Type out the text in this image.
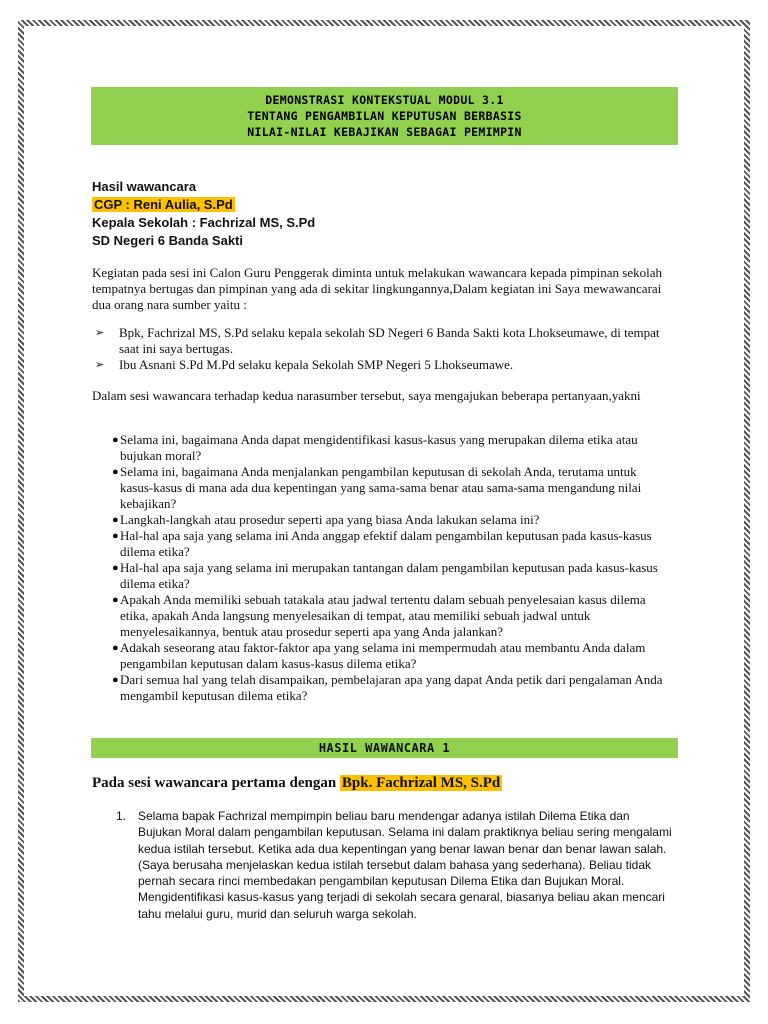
DEMONSTRASI KONTEKSTUAL MODUL 3.1
TENTANG PENGAMBILAN KEPUTUSAN BERBASIS
NILAI-NILAI KEBAJIKAN SEBAGAI PEMIMPIN
Hasil wawancara
CGP : Reni Aulia, S.Pd
Kepala Sekolah : Fachrizal MS, S.Pd
SD Negeri 6 Banda Sakti
Kegiatan pada sesi ini Calon Guru Penggerak diminta untuk melakukan wawancara kepada pimpinan sekolah tempatnya bertugas dan pimpinan yang ada di sekitar lingkungannya,Dalam kegiatan ini Saya mewawancarai dua orang nara sumber yaitu :
➢ Bpk, Fachrizal MS, S.Pd selaku kepala sekolah SD Negeri 6 Banda Sakti kota Lhokseumawe, di tempat saat ini saya bertugas.
➢ Ibu Asnani S.Pd M.Pd selaku kepala Sekolah SMP Negeri 5 Lhokseumawe.
Dalam sesi wawancara terhadap kedua narasumber tersebut, saya mengajukan beberapa pertanyaan,yakni
● Selama ini, bagaimana Anda dapat mengidentifikasi kasus-kasus yang merupakan dilema etika atau bujukan moral?
● Selama ini, bagaimana Anda menjalankan pengambilan keputusan di sekolah Anda, terutama untuk kasus-kasus di mana ada dua kepentingan yang sama-sama benar atau sama-sama mengandung nilai kebajikan?
● Langkah-langkah atau prosedur seperti apa yang biasa Anda lakukan selama ini?
● Hal-hal apa saja yang selama ini Anda anggap efektif dalam pengambilan keputusan pada kasus-kasus dilema etika?
● Hal-hal apa saja yang selama ini merupakan tantangan dalam pengambilan keputusan pada kasus-kasus dilema etika?
● Apakah Anda memiliki sebuah tatakala atau jadwal tertentu dalam sebuah penyelesaian kasus dilema etika, apakah Anda langsung menyelesaikan di tempat, atau memiliki sebuah jadwal untuk menyelesaikannya, bentuk atau prosedur seperti apa yang Anda jalankan?
● Adakah seseorang atau faktor-faktor apa yang selama ini mempermudah atau membantu Anda dalam pengambilan keputusan dalam kasus-kasus dilema etika?
● Dari semua hal yang telah disampaikan, pembelajaran apa yang dapat Anda petik dari pengalaman Anda mengambil keputusan dilema etika?
HASIL WAWANCARA 1
Pada sesi wawancara pertama dengan Bpk. Fachrizal MS, S.Pd
1. Selama bapak Fachrizal mempimpin beliau baru mendengar adanya istilah Dilema Etika dan Bujukan Moral dalam pengambilan keputusan. Selama ini dalam praktiknya beliau sering mengalami kedua istilah tersebut. Ketika ada dua kepentingan yang benar lawan benar dan benar lawan salah. (Saya berusaha menjelaskan kedua istilah tersebut dalam bahasa yang sederhana). Beliau tidak pernah secara rinci membedakan pengambilan keputusan Dilema Etika dan Bujukan Moral. Mengidentifikasi kasus-kasus yang terjadi di sekolah secara genaral, biasanya beliau akan mencari tahu melalui guru, murid dan seluruh warga sekolah.
